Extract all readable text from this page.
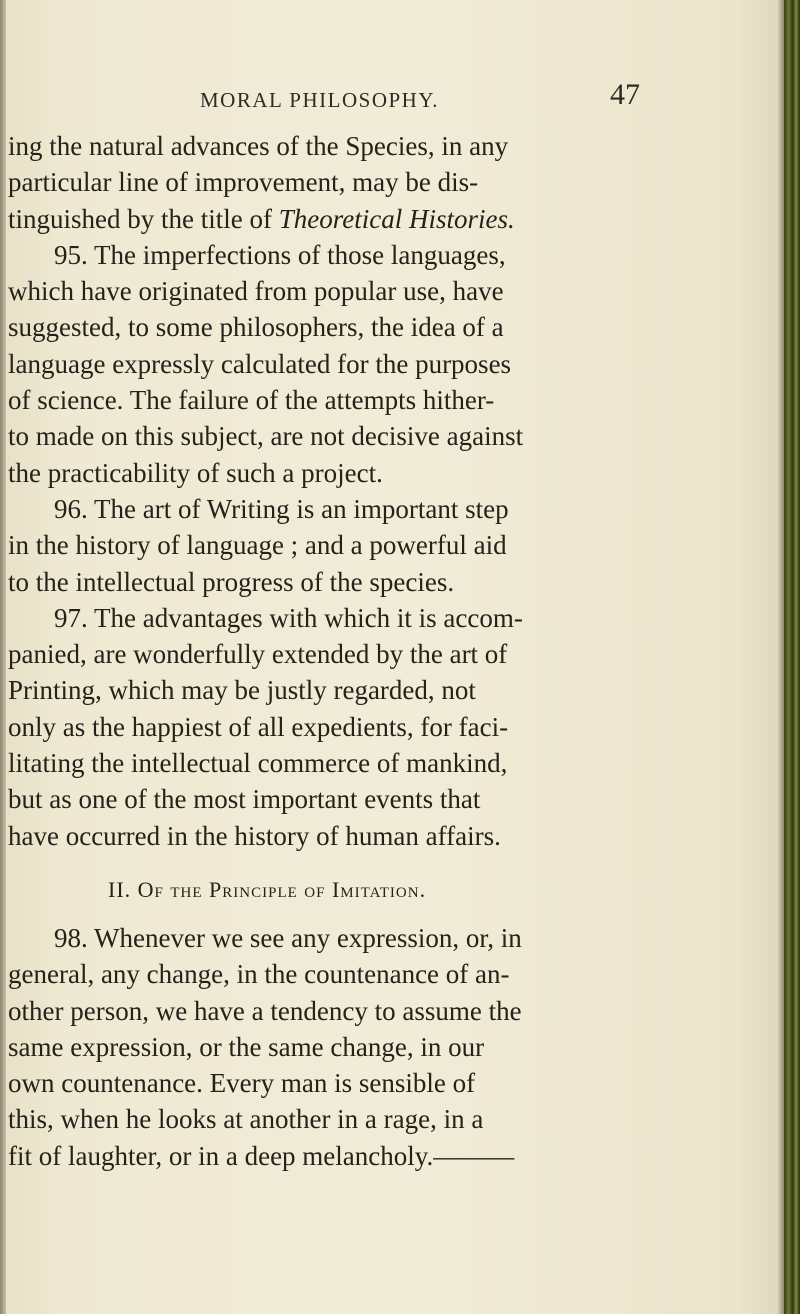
MORAL PHILOSOPHY.	47
ing the natural advances of the Species, in any
particular line of improvement, may be dis-
tinguished by the title of Theoretical Histories.
95. The imperfections of those languages,
which have originated from popular use, have
suggested, to some philosophers, the idea of a
language expressly calculated for the purposes
of science. The failure of the attempts hither-
to made on this subject, are not decisive against
the practicability of such a project.
96. The art of Writing is an important step
in the history of language ; and a powerful aid
to the intellectual progress of the species.
97. The advantages with which it is accom-
panied, are wonderfully extended by the art of
Printing, which may be justly regarded, not
only as the happiest of all expedients, for faci-
litating the intellectual commerce of mankind,
but as one of the most important events that
have occurred in the history of human affairs.
II. Of the Principle of Imitation.
98. Whenever we see any expression, or, in
general, any change, in the countenance of an-
other person, we have a tendency to assume the
same expression, or the same change, in our
own countenance. Every man is sensible of
this, when he looks at another in a rage, in a
fit of laughter, or in a deep melancholy.———
